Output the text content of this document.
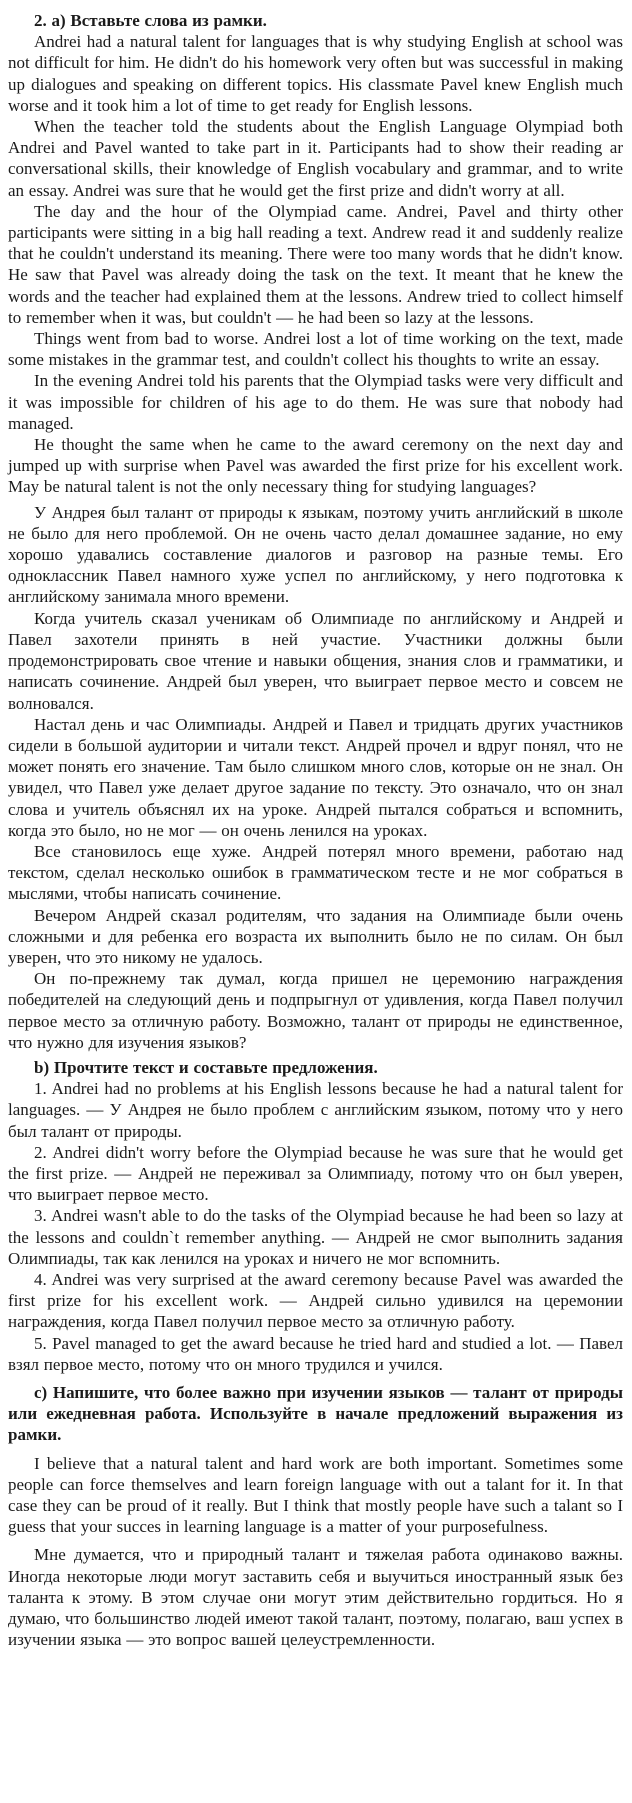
2. a) Вставьте слова из рамки.

Andrei had a natural talent for languages that is why studying English at school was not difficult for him. He didn't do his homework very often but was successful in making up dialogues and speaking on different topics. His classmate Pavel knew English much worse and it took him a lot of time to get ready for English lessons.

When the teacher told the students about the English Language Olympiad both Andrei and Pavel wanted to take part in it. Participants had to show their reading ar conversational skills, their knowledge of English vocabulary and grammar, and to write an essay. Andrei was sure that he would get the first prize and didn't worry at all.

The day and the hour of the Olympiad came. Andrei, Pavel and thirty other participants were sitting in a big hall reading a text. Andrew read it and suddenly realize that he couldn't understand its meaning. There were too many words that he didn't know. He saw that Pavel was already doing the task on the text. It meant that he knew the words and the teacher had explained them at the lessons. Andrew tried to collect himself to remember when it was, but couldn't — he had been so lazy at the lessons.

Things went from bad to worse. Andrei lost a lot of time working on the text, made some mistakes in the grammar test, and couldn't collect his thoughts to write an essay.

In the evening Andrei told his parents that the Olympiad tasks were very difficult and it was impossible for children of his age to do them. He was sure that nobody had managed.

He thought the same when he came to the award ceremony on the next day and jumped up with surprise when Pavel was awarded the first prize for his excellent work. May be natural talent is not the only necessary thing for studying languages?

У Андрея был талант от природы к языкам, поэтому учить английский в школе не было для него проблемой. Он не очень часто делал домашнее задание, но ему хорошо удавались составление диалогов и разговор на разные темы. Его одноклассник Павел намного хуже успел по английскому, у него подготовка к английскому занимала много времени.

Когда учитель сказал ученикам об Олимпиаде по английскому и Андрей и Павел захотели принять в ней участие. Участники должны были продемонстрировать свое чтение и навыки общения, знания слов и грамматики, и написать сочинение. Андрей был уверен, что выиграет первое место и совсем не волновался.

Настал день и час Олимпиады. Андрей и Павел и тридцать других участников сидели в большой аудитории и читали текст. Андрей прочел и вдруг понял, что не может понять его значение. Там было слишком много слов, которые он не знал. Он увидел, что Павел уже делает другое задание по тексту. Это означало, что он знал слова и учитель объяснял их на уроке. Андрей пытался собраться и вспомнить, когда это было, но не мог — он очень ленился на уроках.

Все становилось еще хуже. Андрей потерял много времени, работаю над текстом, сделал несколько ошибок в грамматическом тесте и не мог собраться в мыслями, чтобы написать сочинение.

Вечером Андрей сказал родителям, что задания на Олимпиаде были очень сложными и для ребенка его возраста их выполнить было не по силам. Он был уверен, что это никому не удалось.

Он по-прежнему так думал, когда пришел не церемонию награждения победителей на следующий день и подпрыгнул от удивления, когда Павел получил первое место за отличную работу. Возможно, талант от природы не единственное, что нужно для изучения языков?

b) Прочтите текст и составьте предложения.

1. Andrei had no problems at his English lessons because he had a natural talent for languages. — У Андрея не было проблем с английским языком, потому что у него был талант от природы.

2. Andrei didn't worry before the Olympiad because he was sure that he would get the first prize. — Андрей не переживал за Олимпиаду, потому что он был уверен, что выиграет первое место.

3. Andrei wasn't able to do the tasks of the Olympiad because he had been so lazy at the lessons and couldn`t remember anything. — Андрей не смог выполнить задания Олимпиады, так как ленился на уроках и ничего не мог вспомнить.

4. Andrei was very surprised at the award ceremony because Pavel was awarded the first prize for his excellent work. — Андрей сильно удивился на церемонии награждения, когда Павел получил первое место за отличную работу.

5. Pavel managed to get the award because he tried hard and studied a lot. — Павел взял первое место, потому что он много трудился и учился.

c) Напишите, что более важно при изучении языков — талант от природы или ежедневная работа. Используйте в начале предложений выражения из рамки.

I believe that a natural talent and hard work are both important. Sometimes some people can force themselves and learn foreign language with out a talant for it. In that case they can be proud of it really. But I think that mostly people have such a talant so I guess that your succes in learning language is a matter of your purposefulness.

Мне думается, что и природный талант и тяжелая работа одинаково важны. Иногда некоторые люди могут заставить себя и выучиться иностранный язык без таланта к этому. В этом случае они могут этим действительно гордиться. Но я думаю, что большинство людей имеют такой талант, поэтому, полагаю, ваш успех в изучении языка — это вопрос вашей целеустремленности.
